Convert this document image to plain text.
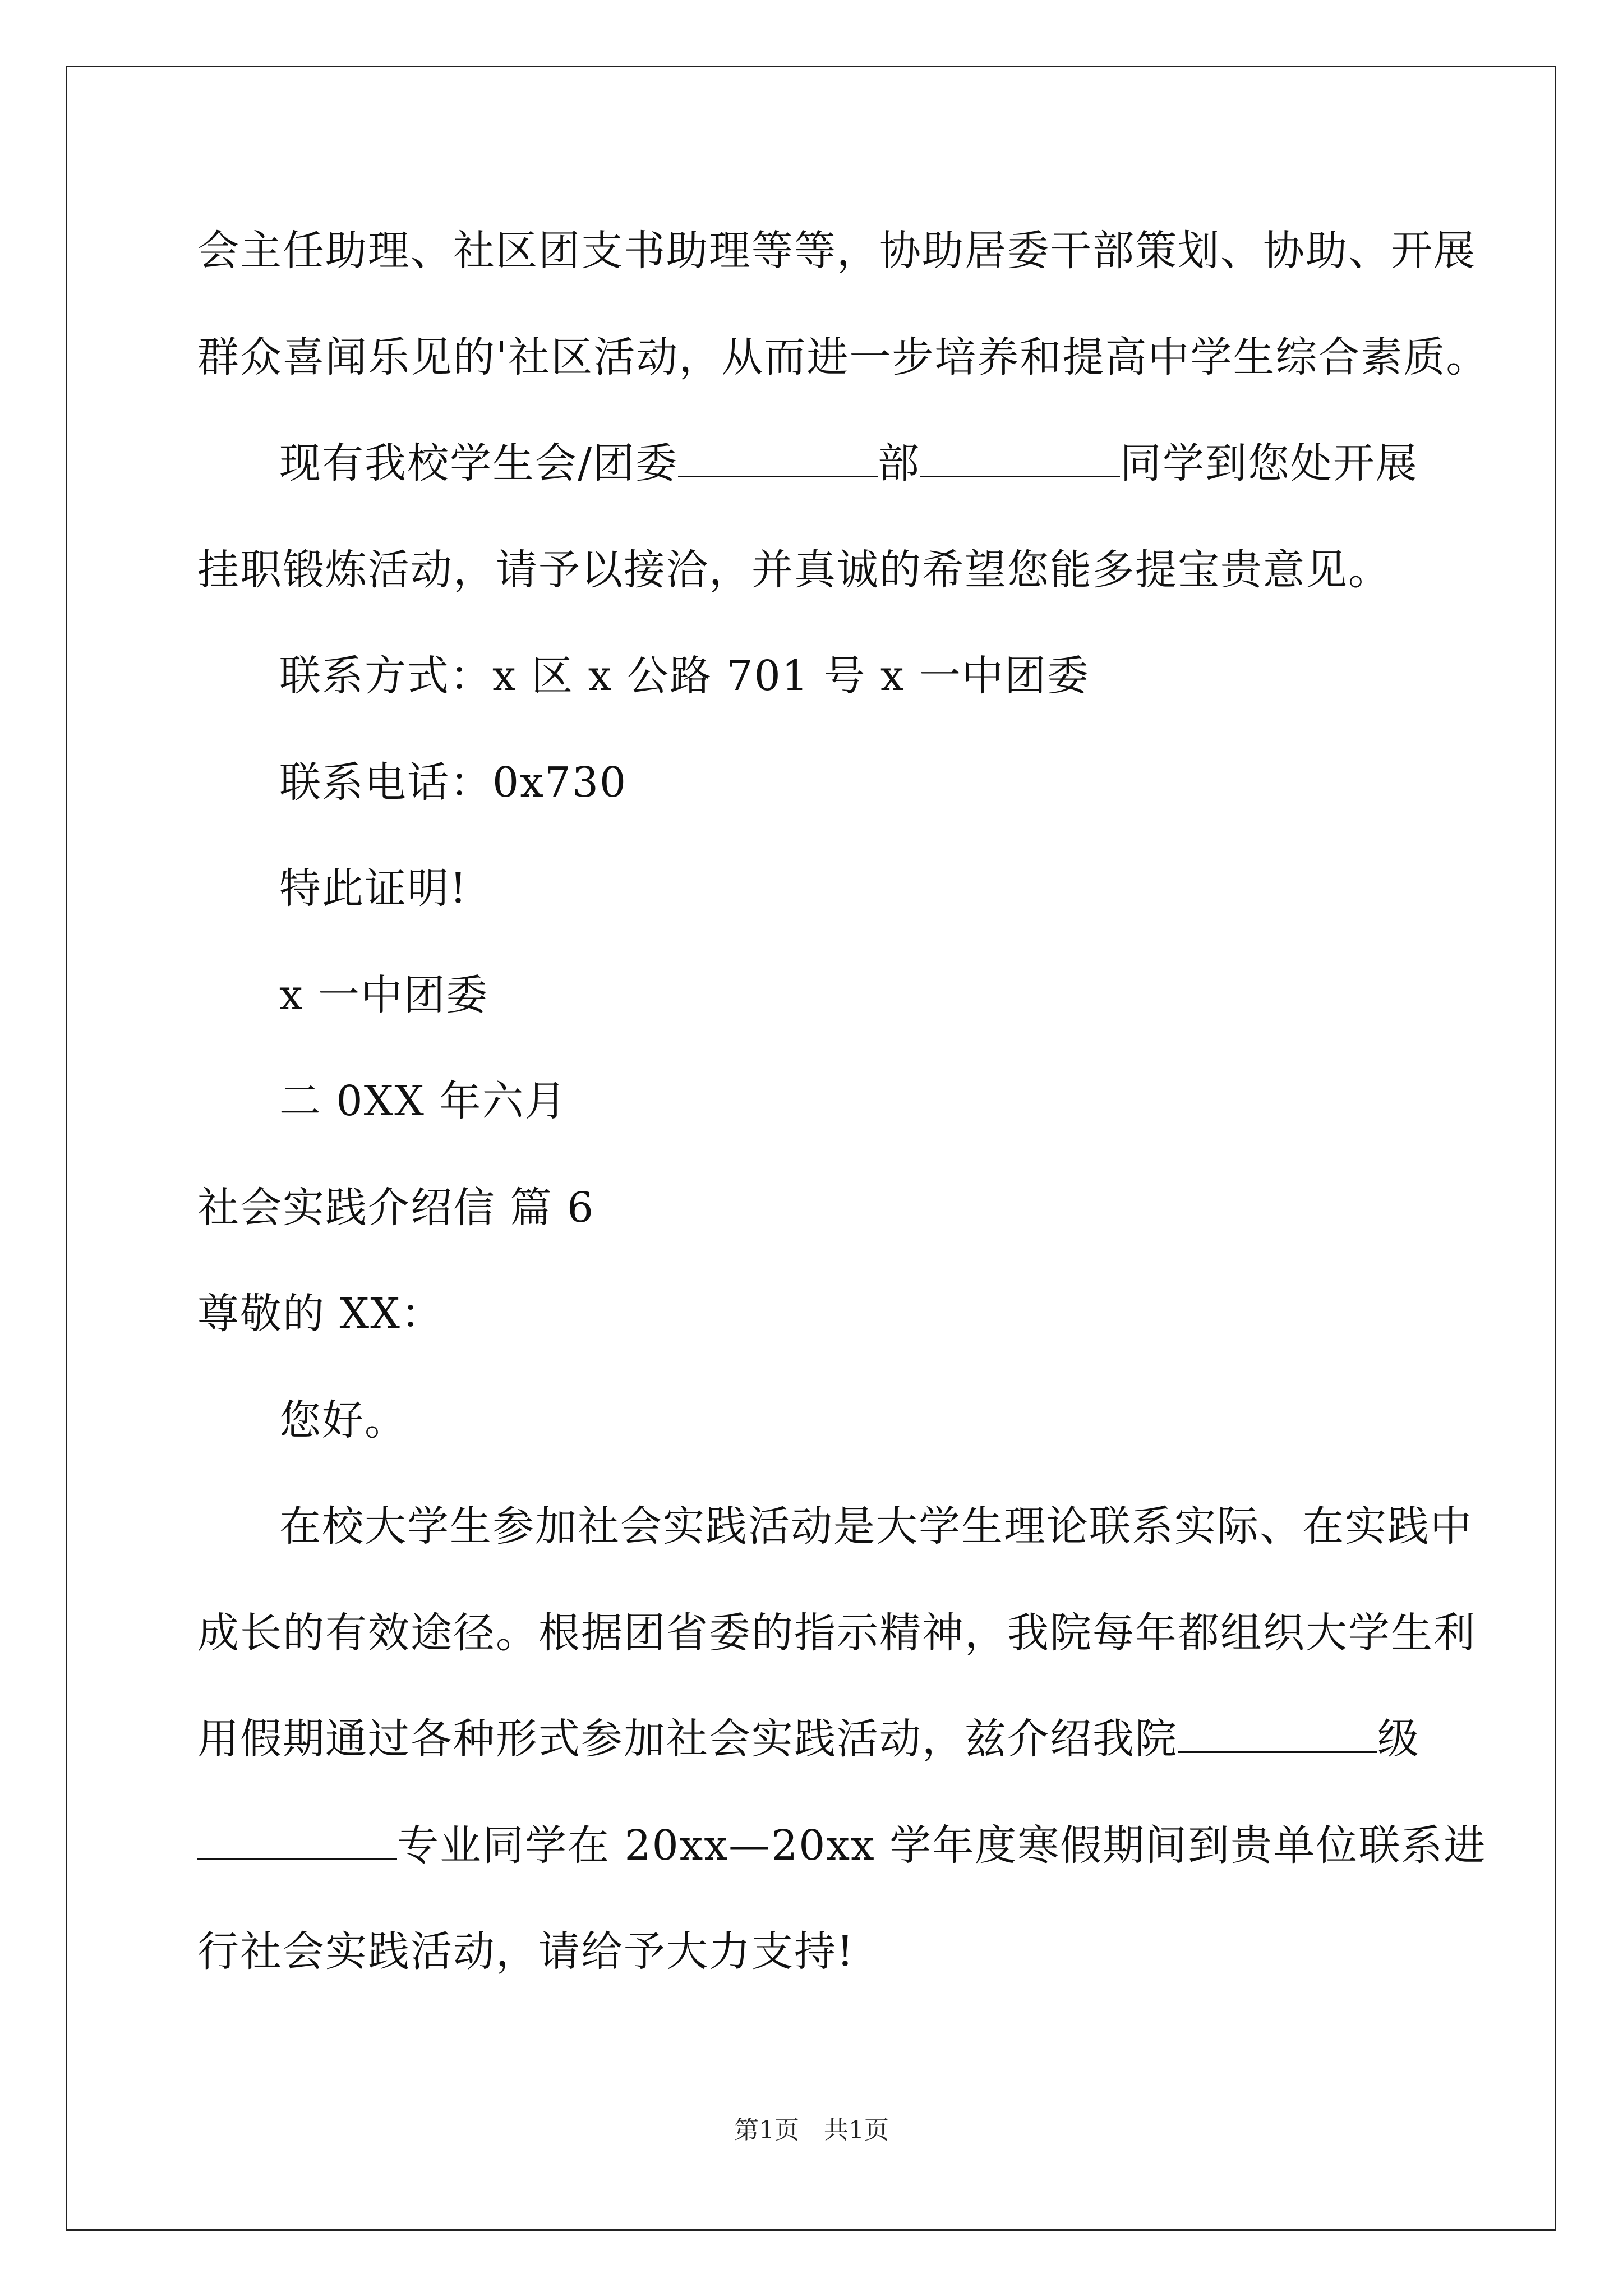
会主任助理、社区团支书助理等等，协助居委干部策划、协助、开展
群众喜闻乐见的'社区活动，从而进一步培养和提高中学生综合素质。
现有我校学生会/团委	部	同学到您处开展
挂职锻炼活动，请予以接洽，并真诚的希望您能多提宝贵意见。
联系方式：x 区 x 公路 701 号 x 一中团委
联系电话：0x730
特此证明!
x 一中团委
二 0XX 年六月
社会实践介绍信 篇 6
尊敬的 XX：
您好。
在校大学生参加社会实践活动是大学生理论联系实际、在实践中
成长的有效途径。根据团省委的指示精神，我院每年都组织大学生利
用假期通过各种形式参加社会实践活动，兹介绍我院	级
专业同学在 20xx—20xx 学年度寒假期间到贵单位联系进
行社会实践活动，请给予大力支持!
第1页 共1页
